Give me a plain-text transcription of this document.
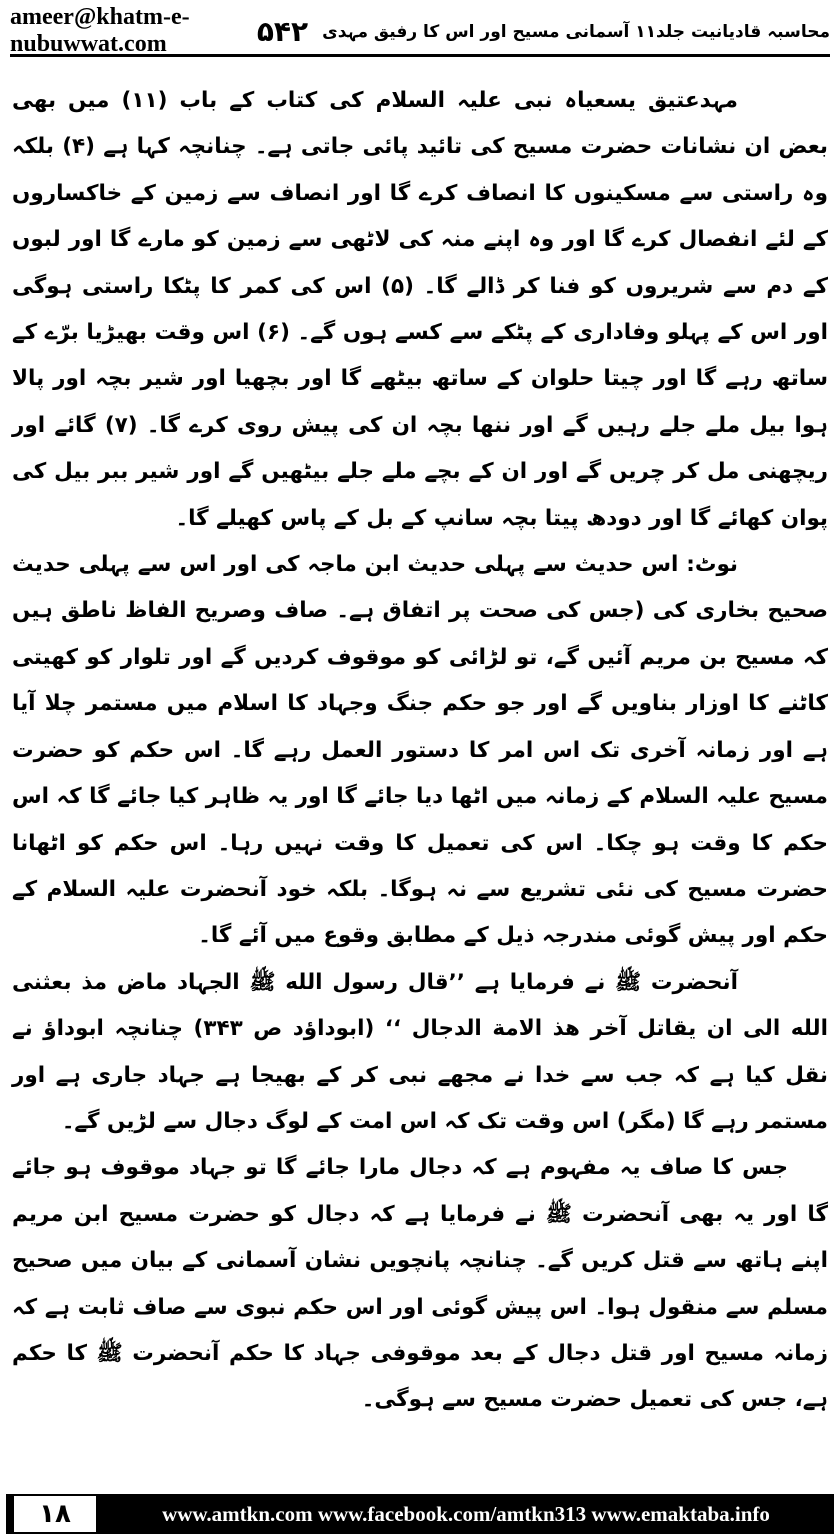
ameer@khatm-e-nubuwwat.com	۵۴۲ محاسبہ قادیانیت جلد۱۱ آسمانی مسیح اور اس کا رفیق مہدی

مہدعتیق یسعیاہ نبی علیہ السلام کی کتاب کے باب (۱۱) میں بھی بعض ان نشانات حضرت مسیح کی تائید پائی جاتی ہے۔ چنانچہ کہا ہے (۴) بلکہ وہ راستی سے مسکینوں کا انصاف کرے گا اور انصاف سے زمین کے خاکساروں کے لئے انفصال کرے گا اور وہ اپنے منہ کی لاٹھی سے زمین کو مارے گا اور لبوں کے دم سے شریروں کو فنا کر ڈالے گا۔ (۵) اس کی کمر کا پٹکا راستی ہوگی اور اس کے پہلو وفاداری کے پٹکے سے کسے ہوں گے۔ (۶) اس وقت بھیڑیا برّے کے ساتھ رہے گا اور چیتا حلوان کے ساتھ بیٹھے گا اور بچھیا اور شیر بچہ اور پالا ہوا بیل ملے جلے رہیں گے اور ننھا بچہ ان کی پیش روی کرے گا۔ (۷) گائے اور ریچھنی مل کر چریں گے اور ان کے بچے ملے جلے بیٹھیں گے اور شیر ببر بیل کی پوان کھائے گا اور دودھ پیتا بچہ سانپ کے بل کے پاس کھیلے گا۔

نوٹ: اس حدیث سے پہلی حدیث ابن ماجہ کی اور اس سے پہلی حدیث صحیح بخاری کی (جس کی صحت پر اتفاق ہے۔ صاف وصریح الفاظ ناطق ہیں کہ مسیح بن مریم آئیں گے، تو لڑائی کو موقوف کردیں گے اور تلوار کو کھیتی کاٹنے کا اوزار بناویں گے اور جو حکم جنگ وجہاد کا اسلام میں مستمر چلا آیا ہے اور زمانہ آخری تک اس امر کا دستور العمل رہے گا۔ اس حکم کو حضرت مسیح علیہ السلام کے زمانہ میں اٹھا دیا جائے گا اور یہ ظاہر کیا جائے گا کہ اس حکم کا وقت ہو چکا۔ اس کی تعمیل کا وقت نہیں رہا۔ اس حکم کو اٹھانا حضرت مسیح کی نئی تشریع سے نہ ہوگا۔ بلکہ خود آنحضرت علیہ السلام کے حکم اور پیش گوئی مندرجہ ذیل کے مطابق وقوع میں آئے گا۔

آنحضرت ﷺ نے فرمایا ہے ’’قال رسول الله ﷺ الجہاد ماض مذ بعثنی الله الی ان یقاتل آخر هذ الامة الدجال ‘‘ (ابوداؤد ص ۳۴۳) چنانچہ ابوداؤ نے نقل کیا ہے کہ جب سے خدا نے مجھے نبی کر کے بھیجا ہے جہاد جاری ہے اور مستمر رہے گا (مگر) اس وقت تک کہ اس امت کے لوگ دجال سے لڑیں گے۔

جس کا صاف یہ مفہوم ہے کہ دجال مارا جائے گا تو جہاد موقوف ہو جائے گا اور یہ بھی آنحضرت ﷺ نے فرمایا ہے کہ دجال کو حضرت مسیح ابن مریم اپنے ہاتھ سے قتل کریں گے۔ چنانچہ پانچویں نشان آسمانی کے بیان میں صحیح مسلم سے منقول ہوا۔ اس پیش گوئی اور اس حکم نبوی سے صاف ثابت ہے کہ زمانہ مسیح اور قتل دجال کے بعد موقوفی جہاد کا حکم آنحضرت ﷺ کا حکم ہے، جس کی تعمیل حضرت مسیح سے ہوگی۔

۱۸	www.amtkn.com www.facebook.com/amtkn313 www.emaktaba.info
